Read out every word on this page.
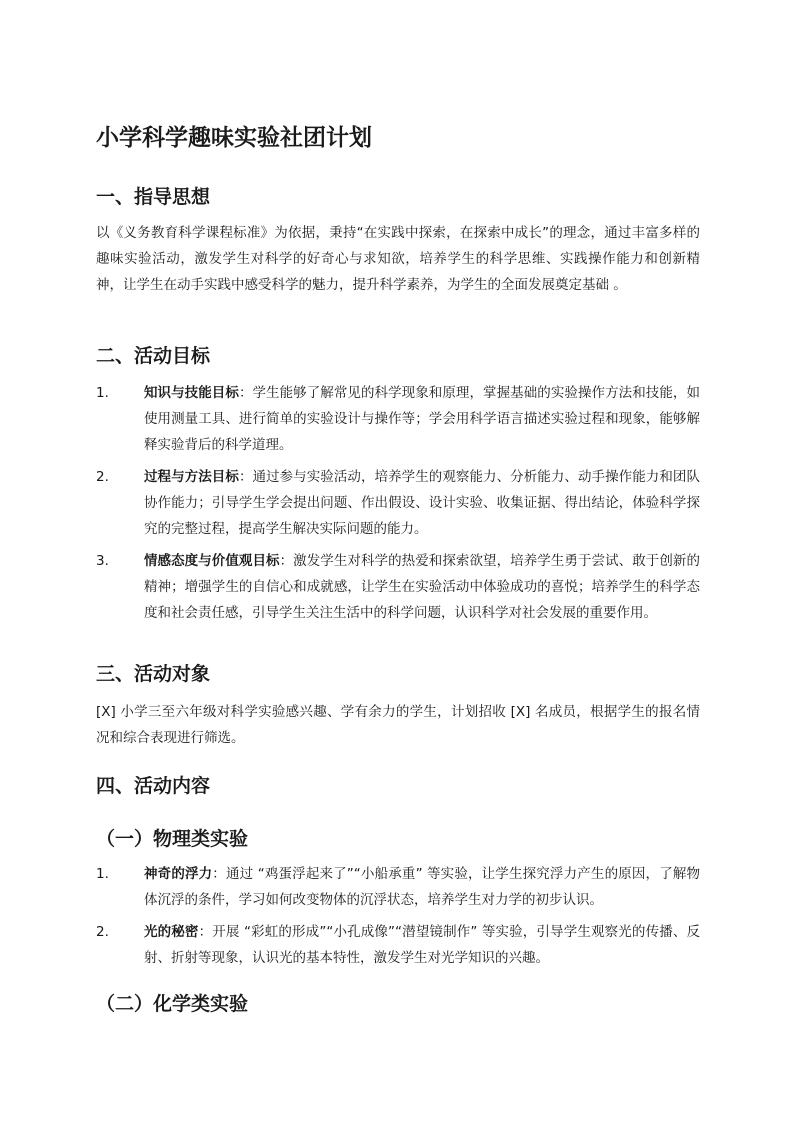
小学科学趣味实验社团计划
一、指导思想

以《义务教育科学课程标准》为依据，秉持“在实践中探索，在探索中成长”的理念，通过丰富多样的趣味实验活动，激发学生对科学的好奇心与求知欲，培养学生的科学思维、实践操作能力和创新精神，让学生在动手实践中感受科学的魅力，提升科学素养，为学生的全面发展奠定基础 。

二、活动目标
1.	知识与技能目标：学生能够了解常见的科学现象和原理，掌握基础的实验操作方法和技能，如使用测量工具、进行简单的实验设计与操作等；学会用科学语言描述实验过程和现象，能够解释实验背后的科学道理。
2.	过程与方法目标：通过参与实验活动，培养学生的观察能力、分析能力、动手操作能力和团队协作能力；引导学生学会提出问题、作出假设、设计实验、收集证据、得出结论，体验科学探究的完整过程，提高学生解决实际问题的能力。
3.	情感态度与价值观目标：激发学生对科学的热爱和探索欲望，培养学生勇于尝试、敢于创新的精神；增强学生的自信心和成就感，让学生在实验活动中体验成功的喜悦；培养学生的科学态度和社会责任感，引导学生关注生活中的科学问题，认识科学对社会发展的重要作用。
三、活动对象

[X] 小学三至六年级对科学实验感兴趣、学有余力的学生，计划招收 [X] 名成员，根据学生的报名情况和综合表现进行筛选。

四、活动内容
（一）物理类实验
1.	神奇的浮力：通过 “鸡蛋浮起来了”“小船承重” 等实验，让学生探究浮力产生的原因，了解物体沉浮的条件，学习如何改变物体的沉浮状态，培养学生对力学的初步认识。
2.	光的秘密：开展 “彩虹的形成”“小孔成像”“潜望镜制作” 等实验，引导学生观察光的传播、反射、折射等现象，认识光的基本特性，激发学生对光学知识的兴趣。
（二）化学类实验
